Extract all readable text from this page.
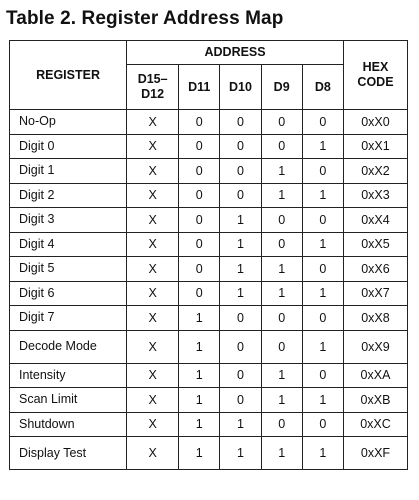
Table 2. Register Address Map
REGISTER	ADDRESS					HEX CODE
	D15–D12	D11	D10	D9	D8	
No-Op	X	0	0	0	0	0xX0
Digit 0	X	0	0	0	1	0xX1
Digit 1	X	0	0	1	0	0xX2
Digit 2	X	0	0	1	1	0xX3
Digit 3	X	0	1	0	0	0xX4
Digit 4	X	0	1	0	1	0xX5
Digit 5	X	0	1	1	0	0xX6
Digit 6	X	0	1	1	1	0xX7
Digit 7	X	1	0	0	0	0xX8
Decode Mode	X	1	0	0	1	0xX9
Intensity	X	1	0	1	0	0xXA
Scan Limit	X	1	0	1	1	0xXB
Shutdown	X	1	1	0	0	0xXC
Display Test	X	1	1	1	1	0xXF
